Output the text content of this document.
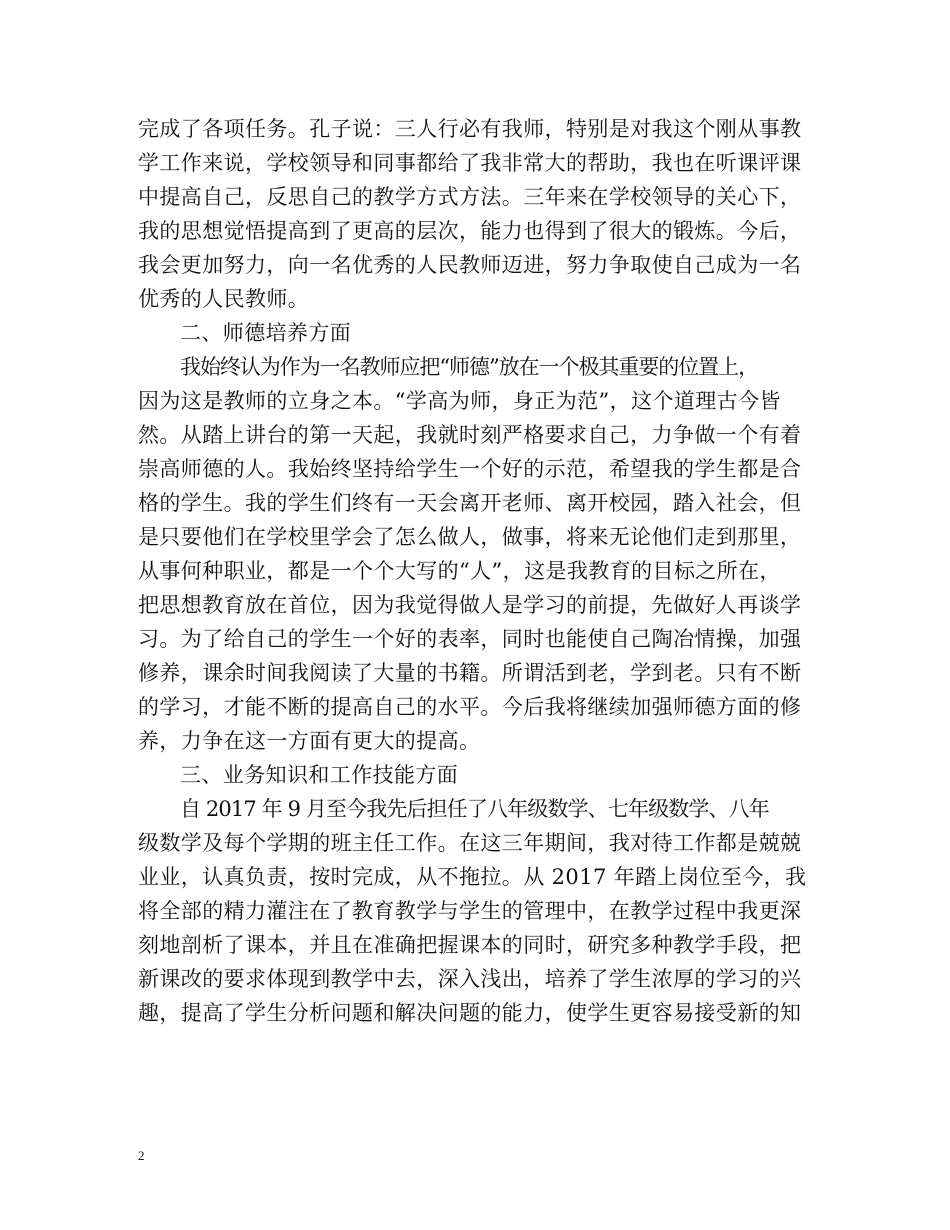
完成了各项任务。孔子说：三人行必有我师，特别是对我这个刚从事教
学工作来说，学校领导和同事都给了我非常大的帮助，我也在听课评课
中提高自己，反思自己的教学方式方法。三年来在学校领导的关心下，
我的思想觉悟提高到了更高的层次，能力也得到了很大的锻炼。今后，
我会更加努力，向一名优秀的人民教师迈进，努力争取使自己成为一名
优秀的人民教师。
二、师德培养方面
我始终认为作为一名教师应把“师德”放在一个极其重要的位置上，
因为这是教师的立身之本。“学高为师，身正为范”，这个道理古今皆
然。从踏上讲台的第一天起，我就时刻严格要求自己，力争做一个有着
崇高师德的人。我始终坚持给学生一个好的示范，希望我的学生都是合
格的学生。我的学生们终有一天会离开老师、离开校园，踏入社会，但
是只要他们在学校里学会了怎么做人，做事，将来无论他们走到那里，
从事何种职业，都是一个个大写的“人”，这是我教育的目标之所在，
把思想教育放在首位，因为我觉得做人是学习的前提，先做好人再谈学
习。为了给自己的学生一个好的表率，同时也能使自己陶冶情操，加强
修养，课余时间我阅读了大量的书籍。所谓活到老，学到老。只有不断
的学习，才能不断的提高自己的水平。今后我将继续加强师德方面的修
养，力争在这一方面有更大的提高。
三、业务知识和工作技能方面
自 2017 年 9 月至今我先后担任了八年级数学、七年级数学、八年
级数学及每个学期的班主任工作。在这三年期间，我对待工作都是兢兢
业业，认真负责，按时完成，从不拖拉。从 2017 年踏上岗位至今，我
将全部的精力灌注在了教育教学与学生的管理中，在教学过程中我更深
刻地剖析了课本，并且在准确把握课本的同时，研究多种教学手段，把
新课改的要求体现到教学中去，深入浅出，培养了学生浓厚的学习的兴
趣，提高了学生分析问题和解决问题的能力，使学生更容易接受新的知
2
